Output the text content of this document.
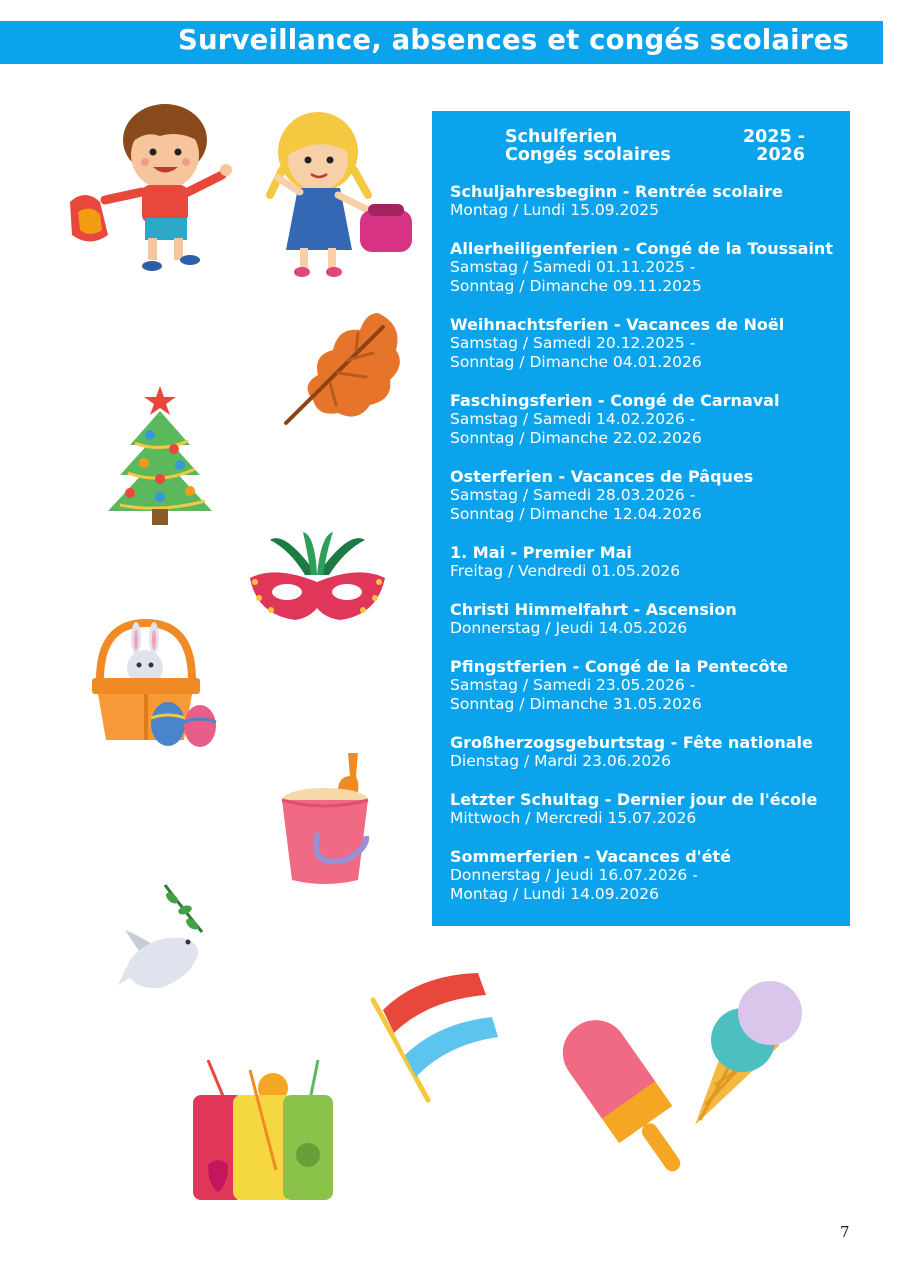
Surveillance, absences et congés scolaires
Schulferien	2025 -
Congés scolaires	2026
Schuljahresbeginn - Rentrée scolaire
Montag / Lundi 15.09.2025
Allerheiligenferien - Congé de la Toussaint
Samstag / Samedi 01.11.2025 -
Sonntag / Dimanche 09.11.2025
Weihnachtsferien - Vacances de Noël
Samstag / Samedi 20.12.2025 -
Sonntag / Dimanche 04.01.2026
Faschingsferien - Congé de Carnaval
Samstag / Samedi 14.02.2026 -
Sonntag / Dimanche 22.02.2026
Osterferien - Vacances de Pâques
Samstag / Samedi 28.03.2026 -
Sonntag / Dimanche 12.04.2026
1. Mai - Premier Mai
Freitag / Vendredi 01.05.2026
Christi Himmelfahrt - Ascension
Donnerstag / Jeudi 14.05.2026
Pfingstferien - Congé de la Pentecôte
Samstag / Samedi 23.05.2026 -
Sonntag / Dimanche 31.05.2026
Großherzogsgeburtstag - Fête nationale
Dienstag / Mardi 23.06.2026
Letzter Schultag - Dernier jour de l'école
Mittwoch / Mercredi 15.07.2026
Sommerferien - Vacances d'été
Donnerstag / Jeudi 16.07.2026 -
Montag / Lundi 14.09.2026
7
